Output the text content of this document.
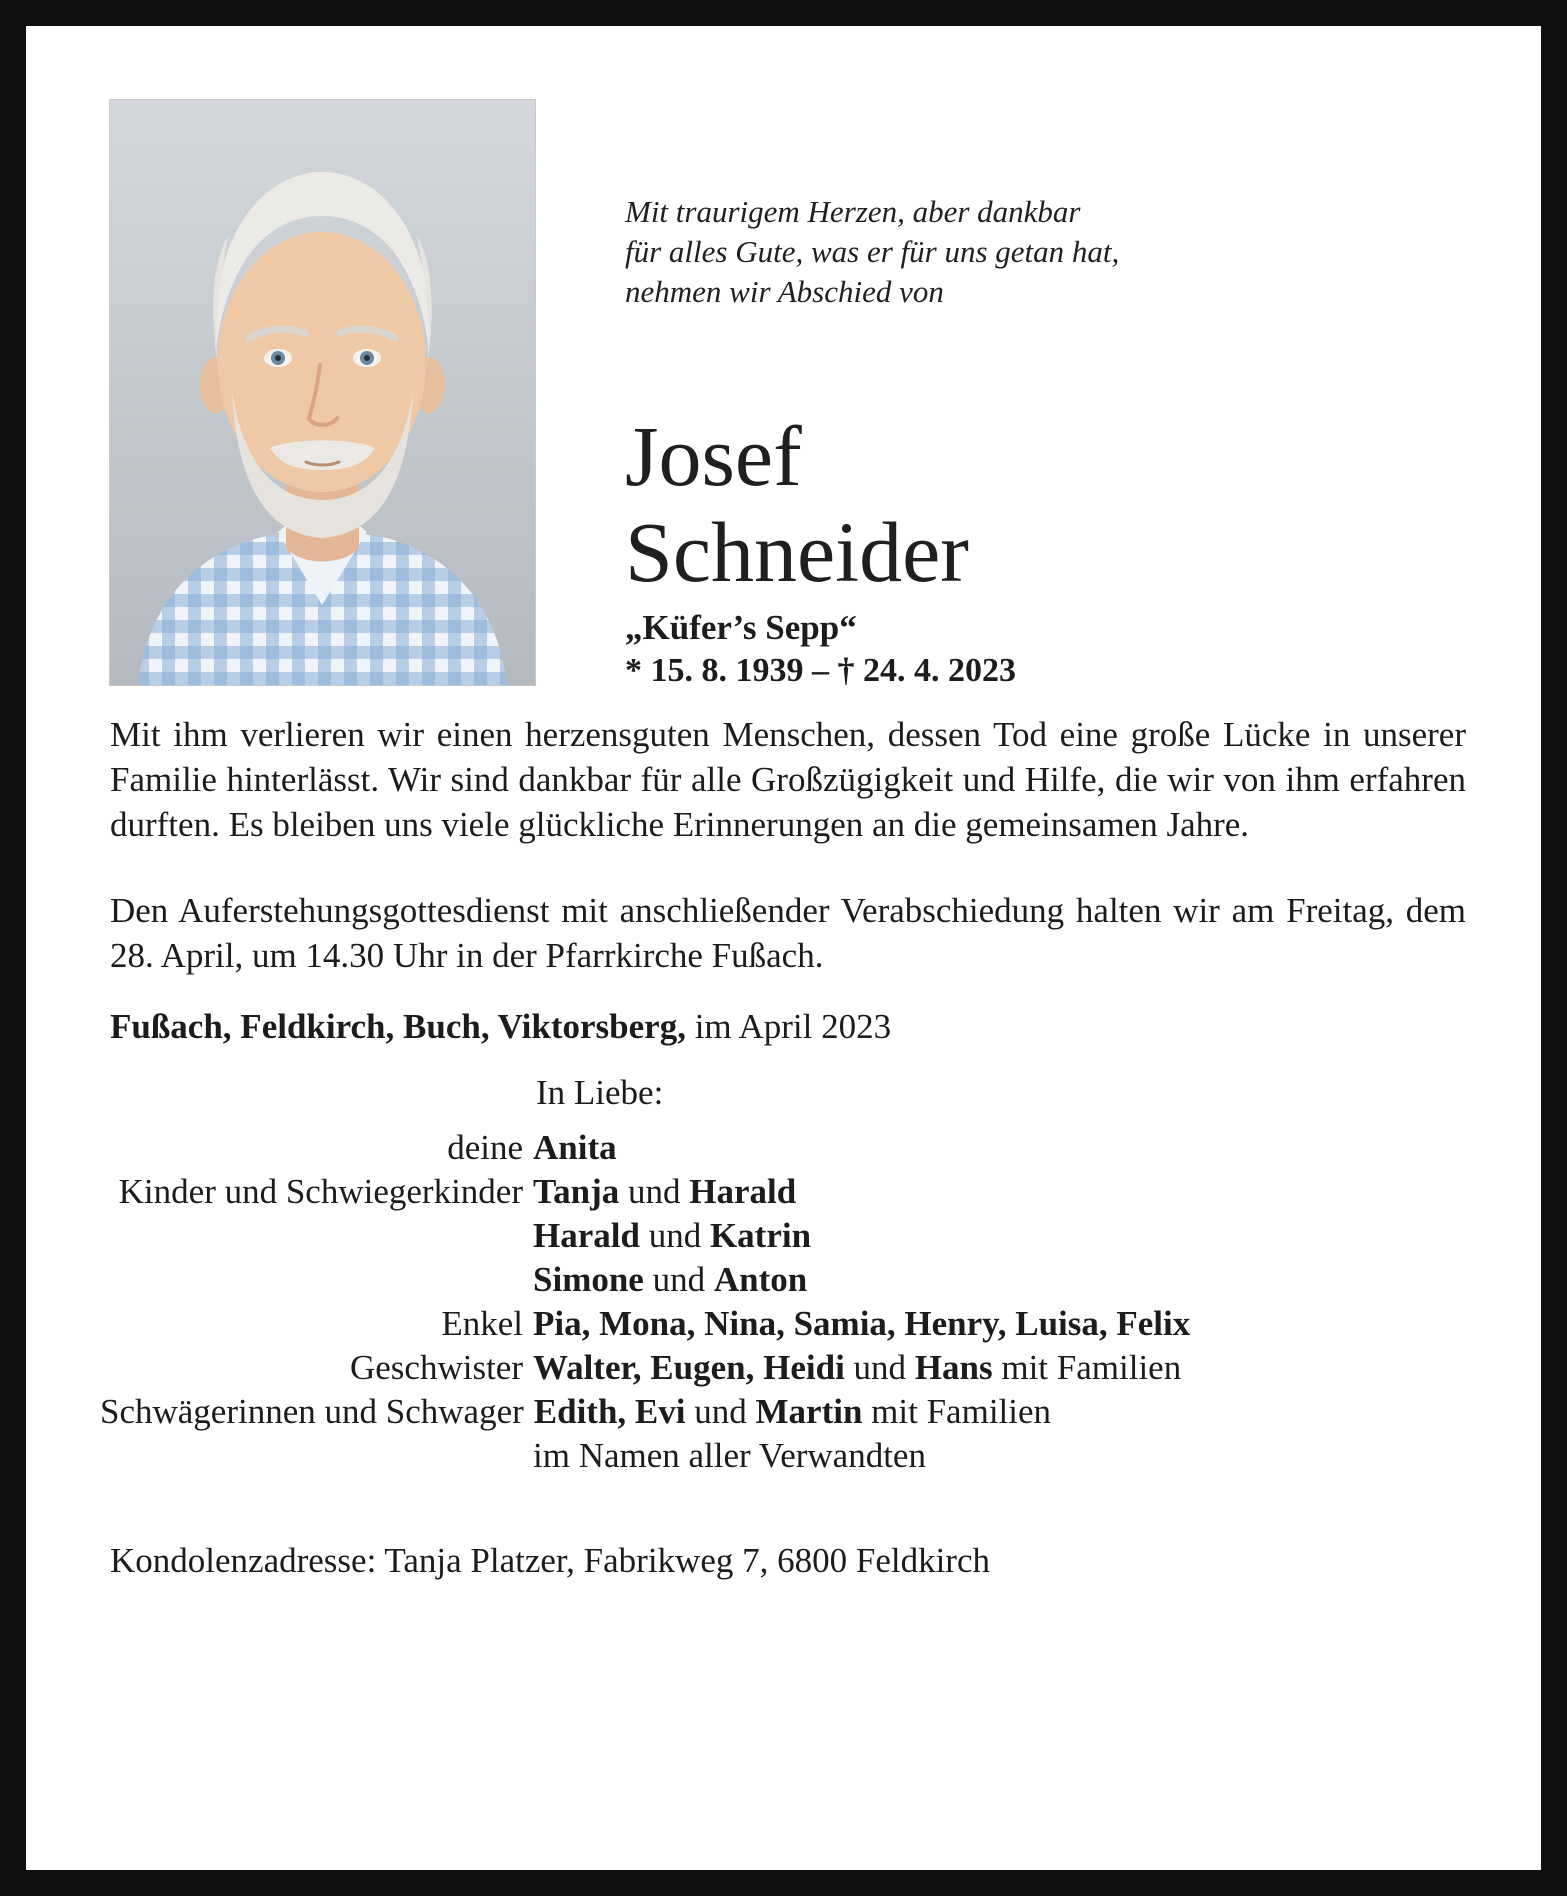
Mit traurigem Herzen, aber dankbar
für alles Gute, was er für uns getan hat,
nehmen wir Abschied von
Josef
Schneider
„Küfer’s Sepp“
* 15. 8. 1939 – † 24. 4. 2023
Mit ihm verlieren wir einen herzensguten Menschen, dessen Tod eine große Lücke in unserer Familie hinterlässt. Wir sind dankbar für alle Großzügigkeit und Hilfe, die wir von ihm erfahren durften. Es bleiben uns viele glückliche Erinnerungen an die gemeinsamen Jahre.
Den Auferstehungsgottesdienst mit anschließender Verabschiedung halten wir am Freitag, dem 28. April, um 14.30 Uhr in der Pfarrkirche Fußach.
Fußach, Feldkirch, Buch, Viktorsberg, im April 2023
In Liebe:
deine Anita
Kinder und Schwiegerkinder Tanja und Harald
Harald und Katrin
Simone und Anton
Enkel Pia, Mona, Nina, Samia, Henry, Luisa, Felix
Geschwister Walter, Eugen, Heidi und Hans mit Familien
Schwägerinnen und Schwager Edith, Evi und Martin mit Familien
im Namen aller Verwandten
Kondolenzadresse: Tanja Platzer, Fabrikweg 7, 6800 Feldkirch
